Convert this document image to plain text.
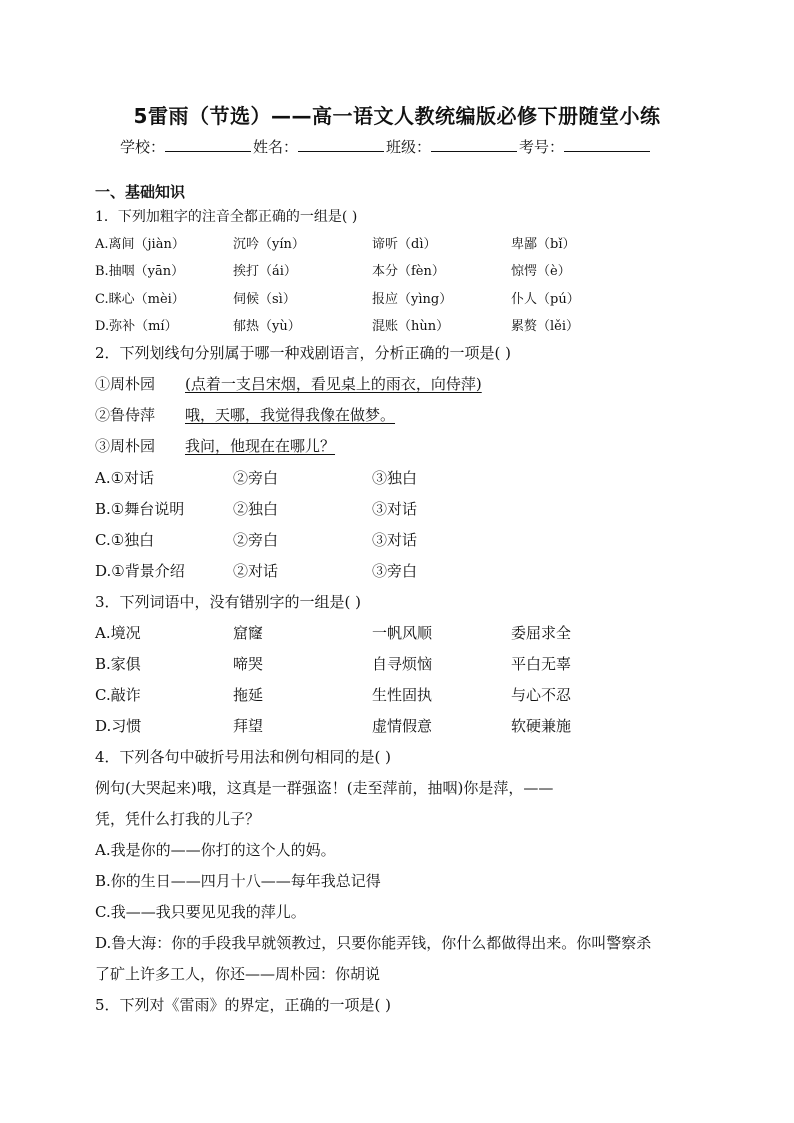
5雷雨（节选）——高一语文人教统编版必修下册随堂小练
学校：	姓名：	班级：	考号：
一、基础知识
1．下列加粗字的注音全都正确的一组是( )
A.离间（jiàn）	沉吟（yín）	谛听（dì）	卑鄙（bǐ）
B.抽咽（yān）	挨打（ái）	本分（fèn）	惊愕（è）
C.眯心（mèi）	伺候（sì）	报应（yìng）	仆人（pú）
D.弥补（mí）	郁热（yù）	混账（hùn）	累赘（lěi）
2．下列划线句分别属于哪一种戏剧语言，分析正确的一项是( )
①周朴园 (点着一支吕宋烟，看见桌上的雨衣，向侍萍)
②鲁侍萍 哦，天哪，我觉得我像在做梦。
③周朴园 我问，他现在在哪儿？
A.①对话	②旁白	③独白
B.①舞台说明	②独白	③对话
C.①独白	②旁白	③对话
D.①背景介绍	②对话	③旁白
3．下列词语中，没有错别字的一组是( )
A.境况	窟窿	一帆风顺	委屈求全
B.家俱	啼哭	自寻烦恼	平白无辜
C.敲诈	拖延	生性固执	与心不忍
D.习惯	拜望	虚情假意	软硬兼施
4．下列各句中破折号用法和例句相同的是( )
例句(大哭起来)哦，这真是一群强盗！(走至萍前，抽咽)你是萍，——
凭，凭什么打我的儿子？
A.我是你的——你打的这个人的妈。
B.你的生日——四月十八——每年我总记得
C.我——我只要见见我的萍儿。
D.鲁大海：你的手段我早就领教过，只要你能弄钱，你什么都做得出来。你叫警察杀
了矿上许多工人，你还——周朴园：你胡说
5．下列对《雷雨》的界定，正确的一项是( )
